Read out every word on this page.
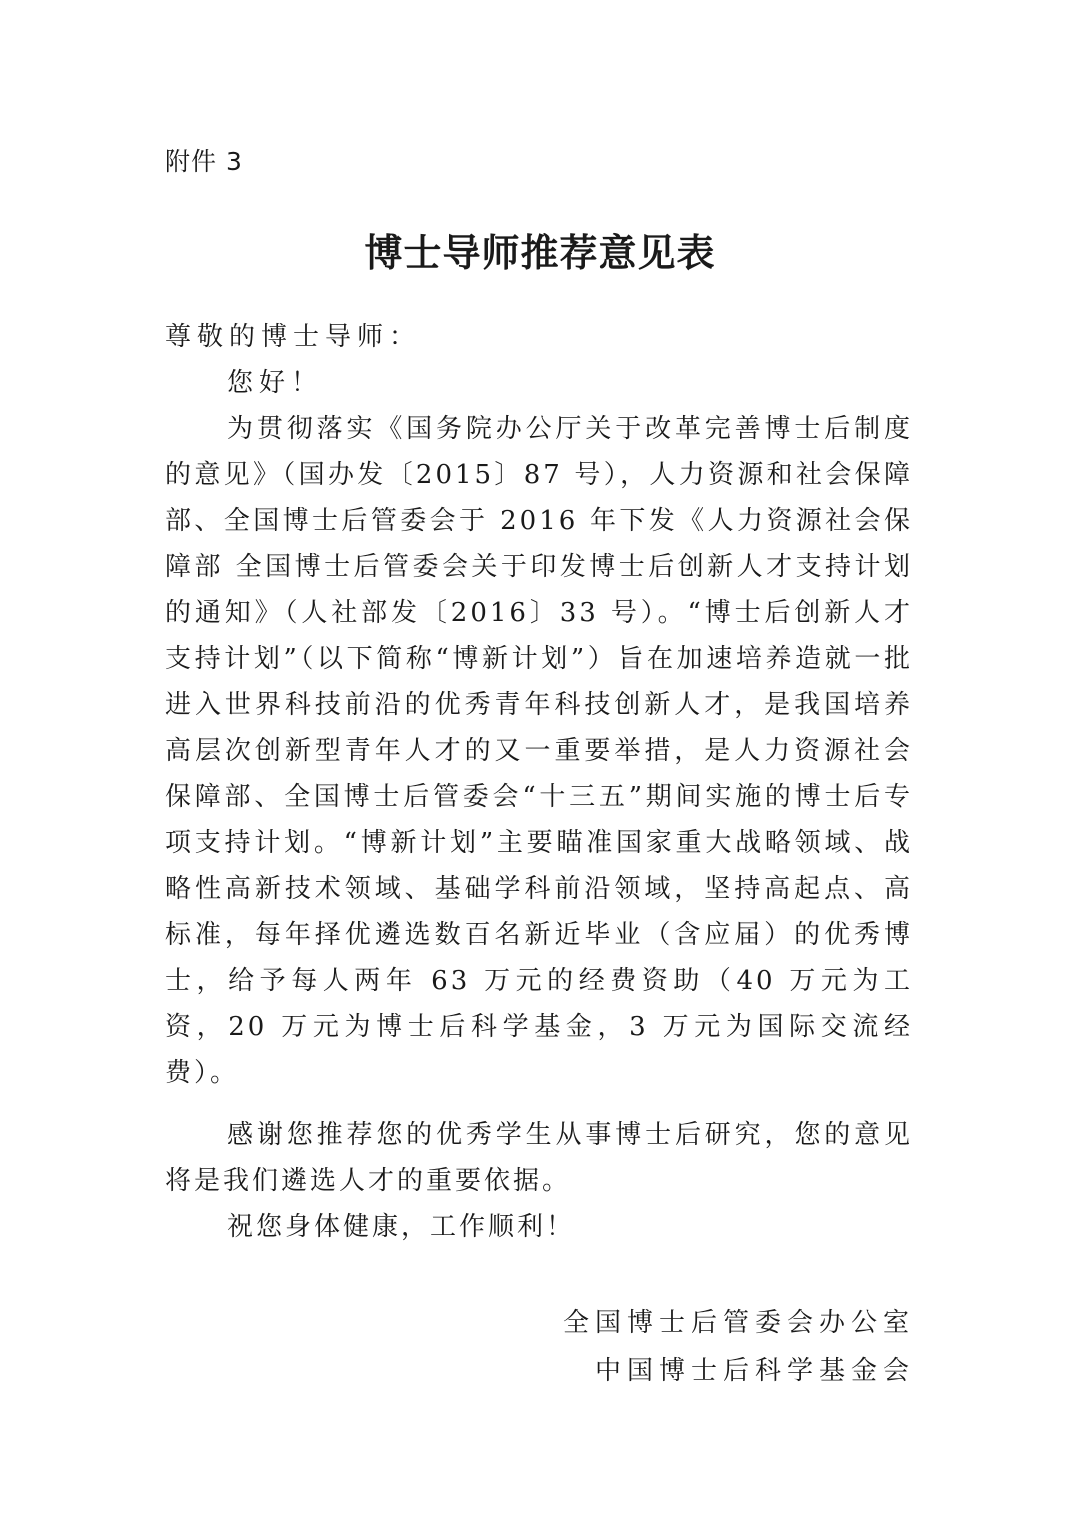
附件 3
博士导师推荐意见表
尊敬的博士导师：
您好！
为贯彻落实《国务院办公厅关于改革完善博士后制度的意见》（国办发〔2015〕87 号），人力资源和社会保障部、全国博士后管委会于 2016 年下发《人力资源社会保障部 全国博士后管委会关于印发博士后创新人才支持计划的通知》（人社部发〔2016〕33 号）。“博士后创新人才支持计划”（以下简称“博新计划”）旨在加速培养造就一批进入世界科技前沿的优秀青年科技创新人才，是我国培养高层次创新型青年人才的又一重要举措，是人力资源社会保障部、全国博士后管委会“十三五”期间实施的博士后专项支持计划。“博新计划”主要瞄准国家重大战略领域、战略性高新技术领域、基础学科前沿领域，坚持高起点、高标准，每年择优遴选数百名新近毕业（含应届）的优秀博士，给予每人两年 63 万元的经费资助（40 万元为工资，20 万元为博士后科学基金，3 万元为国际交流经费）。
感谢您推荐您的优秀学生从事博士后研究，您的意见将是我们遴选人才的重要依据。
祝您身体健康，工作顺利！
全国博士后管委会办公室
中国博士后科学基金会
